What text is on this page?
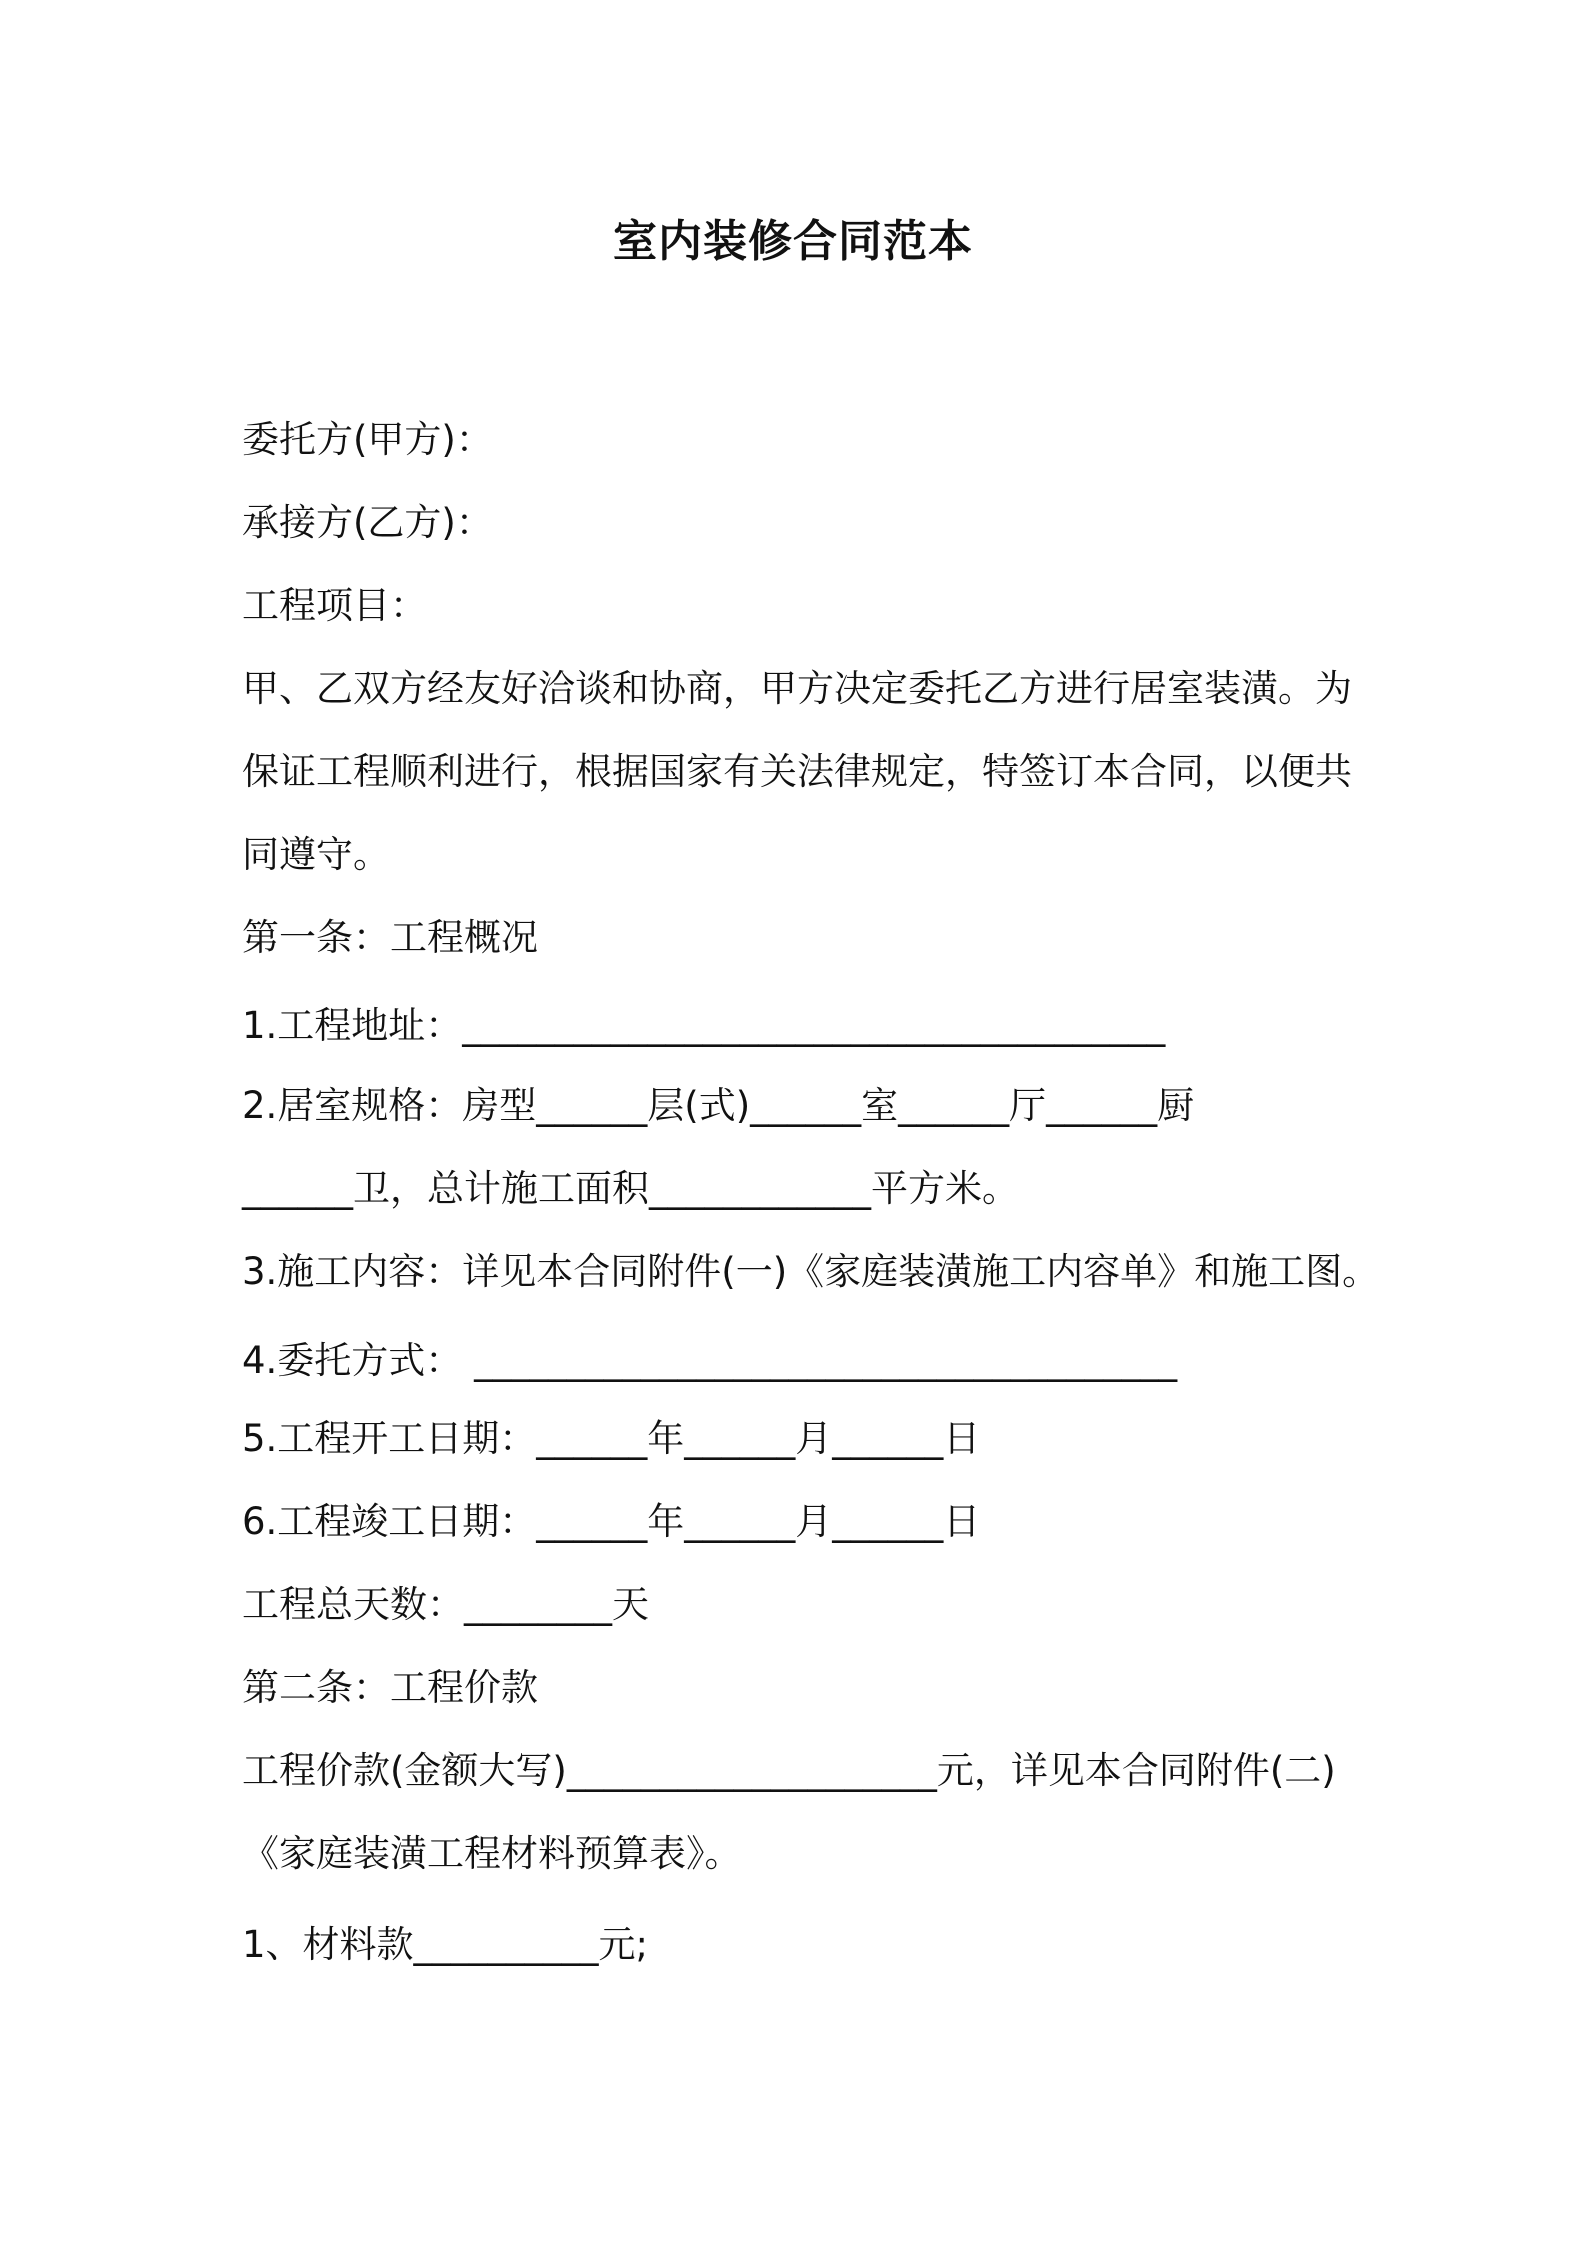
室内装修合同范本
委托方(甲方)：
承接方(乙方)：
工程项目：
甲、乙双方经友好洽谈和协商，甲方决定委托乙方进行居室装潢。为
保证工程顺利进行，根据国家有关法律规定，特签订本合同，以便共
同遵守。
第一条：工程概况
1.工程地址：______________________________________
2.居室规格：房型______层(式)______室______厅______厨
______卫，总计施工面积____________平方米。
3.施工内容：详见本合同附件(一)《家庭装潢施工内容单》和施工图。
4.委托方式： ______________________________________
5.工程开工日期：______年______月______日
6.工程竣工日期：______年______月______日
工程总天数：________天
第二条：工程价款
工程价款(金额大写)____________________元，详见本合同附件(二)
《家庭装潢工程材料预算表》。
1、材料款__________元;
